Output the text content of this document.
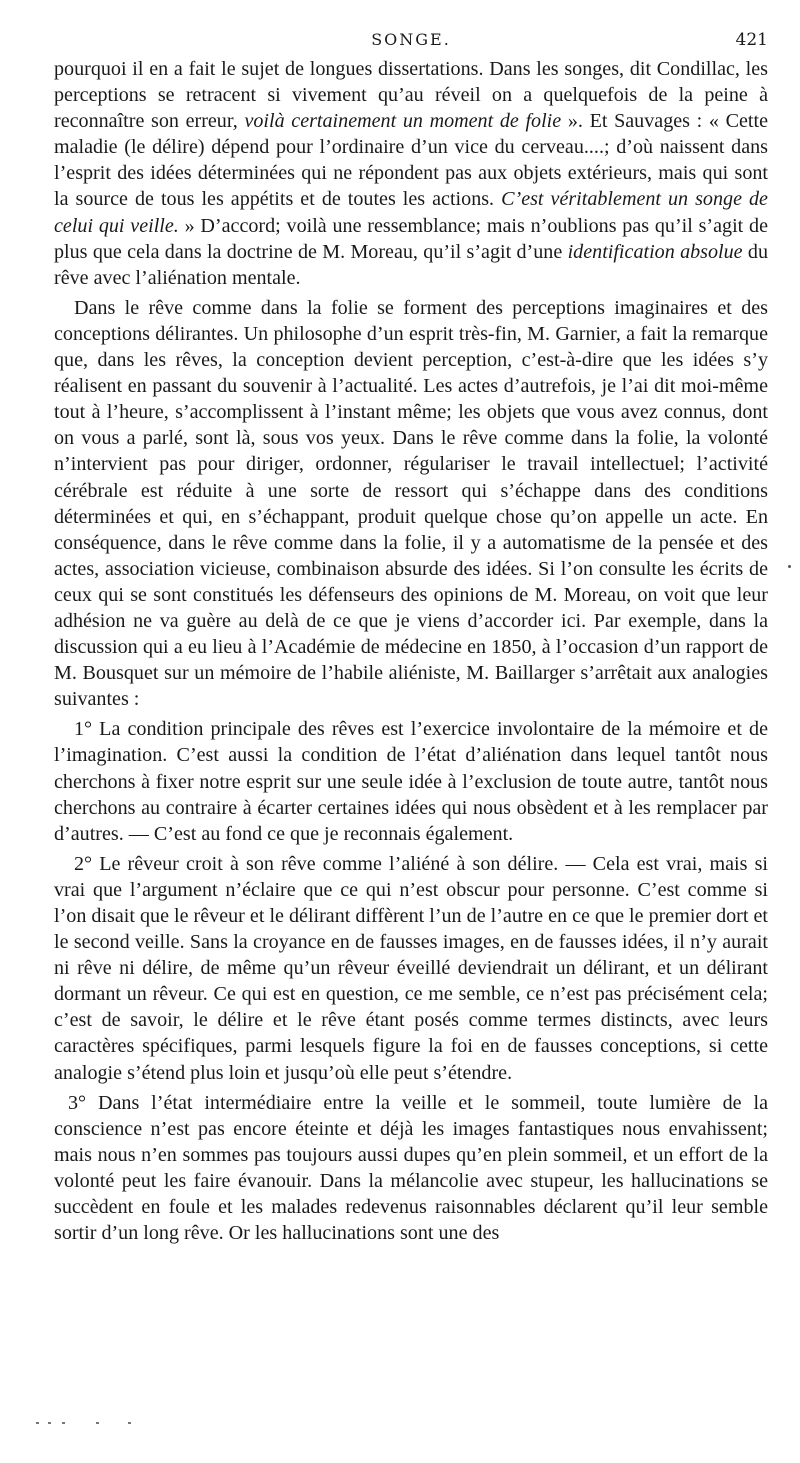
SONGE.	421

pourquoi il en a fait le sujet de longues dissertations. Dans les songes, dit Condillac, les perceptions se retracent si vivement qu’au réveil on a quelquefois de la peine à reconnaître son erreur, voilà certainement un moment de folie ». Et Sauvages : « Cette maladie (le délire) dépend pour l’ordinaire d’un vice du cerveau....; d’où naissent dans l’esprit des idées déterminées qui ne répondent pas aux objets extérieurs, mais qui sont la source de tous les appétits et de toutes les actions. C’est véritablement un songe de celui qui veille. » D’accord; voilà une ressemblance; mais n’oublions pas qu’il s’agit de plus que cela dans la doctrine de M. Moreau, qu’il s’agit d’une identification absolue du rêve avec l’aliénation mentale.

Dans le rêve comme dans la folie se forment des perceptions imaginaires et des conceptions délirantes. Un philosophe d’un esprit très-fin, M. Garnier, a fait la remarque que, dans les rêves, la conception devient perception, c’est-à-dire que les idées s’y réalisent en passant du souvenir à l’actualité. Les actes d’autrefois, je l’ai dit moi-même tout à l’heure, s’accomplissent à l’instant même; les objets que vous avez connus, dont on vous a parlé, sont là, sous vos yeux. Dans le rêve comme dans la folie, la volonté n’intervient pas pour diriger, ordonner, régulariser le travail intellectuel; l’activité cérébrale est réduite à une sorte de ressort qui s’échappe dans des conditions déterminées et qui, en s’échappant, produit quelque chose qu’on appelle un acte. En conséquence, dans le rêve comme dans la folie, il y a automatisme de la pensée et des actes, association vicieuse, combinaison absurde des idées. Si l’on consulte les écrits de ceux qui se sont constitués les défenseurs des opinions de M. Moreau, on voit que leur adhésion ne va guère au delà de ce que je viens d’accorder ici. Par exemple, dans la discussion qui a eu lieu à l’Académie de médecine en 1850, à l’occasion d’un rapport de M. Bousquet sur un mémoire de l’habile aliéniste, M. Baillarger s’arrêtait aux analogies suivantes :

1° La condition principale des rêves est l’exercice involontaire de la mémoire et de l’imagination. C’est aussi la condition de l’état d’aliénation dans lequel tantôt nous cherchons à fixer notre esprit sur une seule idée à l’exclusion de toute autre, tantôt nous cherchons au contraire à écarter certaines idées qui nous obsèdent et à les remplacer par d’autres. — C’est au fond ce que je reconnais également.

2° Le rêveur croit à son rêve comme l’aliéné à son délire. — Cela est vrai, mais si vrai que l’argument n’éclaire que ce qui n’est obscur pour personne. C’est comme si l’on disait que le rêveur et le délirant diffèrent l’un de l’autre en ce que le premier dort et le second veille. Sans la croyance en de fausses images, en de fausses idées, il n’y aurait ni rêve ni délire, de même qu’un rêveur éveillé deviendrait un délirant, et un délirant dormant un rêveur. Ce qui est en question, ce me semble, ce n’est pas précisément cela; c’est de savoir, le délire et le rêve étant posés comme termes distincts, avec leurs caractères spécifiques, parmi lesquels figure la foi en de fausses conceptions, si cette analogie s’étend plus loin et jusqu’où elle peut s’étendre.

3° Dans l’état intermédiaire entre la veille et le sommeil, toute lumière de la conscience n’est pas encore éteinte et déjà les images fantastiques nous envahissent; mais nous n’en sommes pas toujours aussi dupes qu’en plein sommeil, et un effort de la volonté peut les faire évanouir. Dans la mélancolie avec stupeur, les hallucinations se succèdent en foule et les malades redevenus raisonnables déclarent qu’il leur semble sortir d’un long rêve. Or les hallucinations sont une des
